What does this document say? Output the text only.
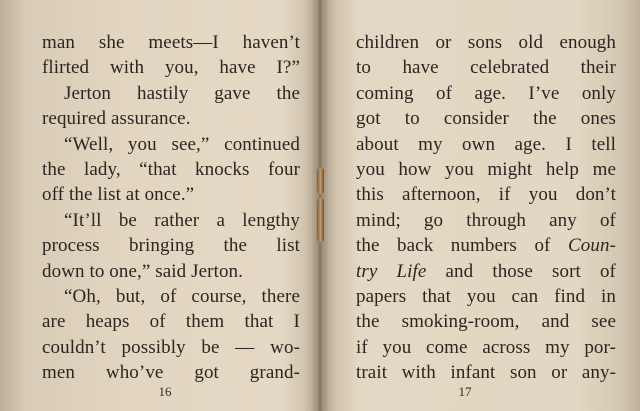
man she meets—I haven’t
flirted with you, have I?”
Jerton hastily gave the
required assurance.
“Well, you see,” continued
the lady, “that knocks four
off the list at once.”
“It’ll be rather a lengthy
process bringing the list
down to one,” said Jerton.
“Oh, but, of course, there
are heaps of them that I
couldn’t possibly be — wo-
men who’ve got grand-
16
children or sons old enough
to have celebrated their
coming of age. I’ve only
got to consider the ones
about my own age. I tell
you how you might help me
this afternoon, if you don’t
mind; go through any of
the back numbers of Coun-
try Life and those sort of
papers that you can find in
the smoking-room, and see
if you come across my por-
trait with infant son or any-
17
